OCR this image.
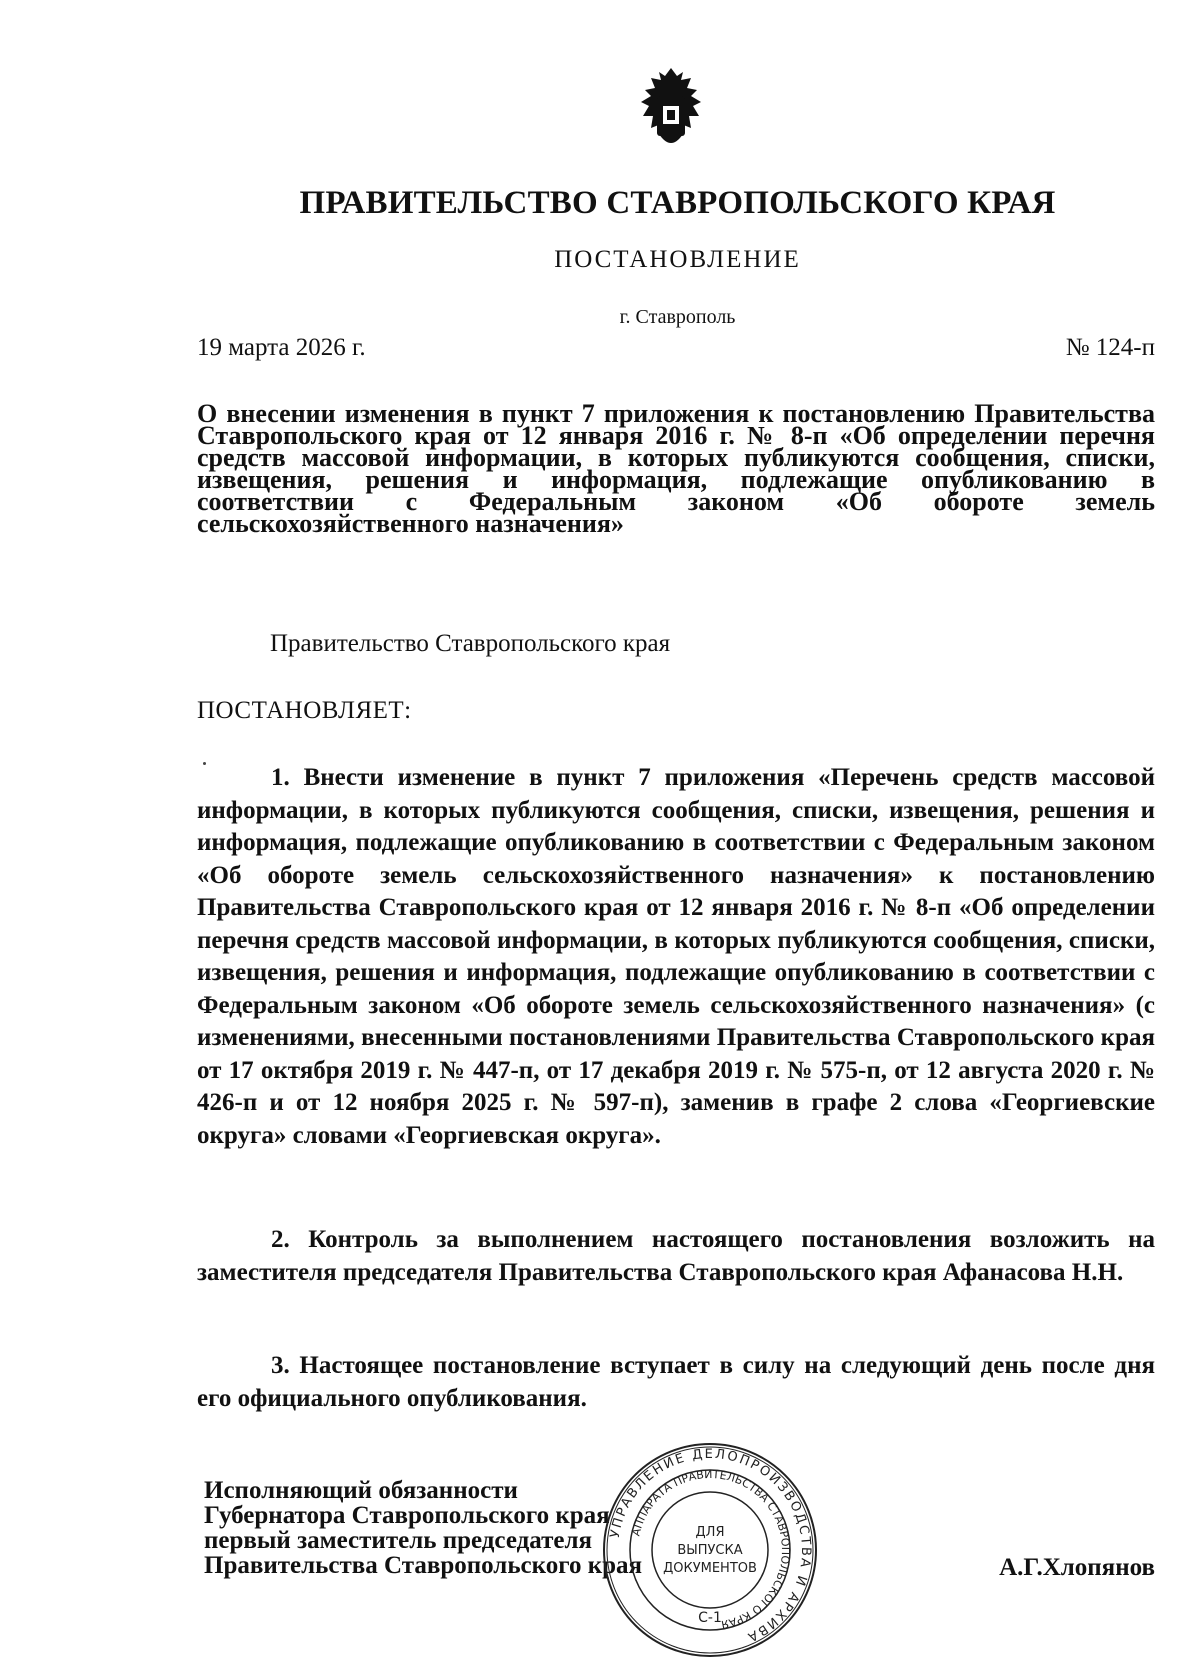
ПРАВИТЕЛЬСТВО СТАВРОПОЛЬСКОГО КРАЯ
ПОСТАНОВЛЕНИЕ
г. Ставрополь
19 марта 2026 г.	№ 124-п
О внесении изменения в пункт 7 приложения к постановлению Правительства Ставропольского края от 12 января 2016 г. № 8-п «Об определении перечня средств массовой информации, в которых публикуются сообщения, списки, извещения, решения и информация, подлежащие опубликованию в соответствии с Федеральным законом «Об обороте земель сельскохозяйственного назначения»
Правительство Ставропольского края
ПОСТАНОВЛЯЕТ:
1. Внести изменение в пункт 7 приложения «Перечень средств массовой информации, в которых публикуются сообщения, списки, извещения, решения и информация, подлежащие опубликованию в соответствии с Федеральным законом «Об обороте земель сельскохозяйственного назначения» к постановлению Правительства Ставропольского края от 12 января 2016 г. № 8-п «Об определении перечня средств массовой информации, в которых публикуются сообщения, списки, извещения, решения и информация, подлежащие опубликованию в соответствии с Федеральным законом «Об обороте земель сельскохозяйственного назначения» (с изменениями, внесенными постановлениями Правительства Ставропольского края от 17 октября 2019 г. № 447-п, от 17 декабря 2019 г. № 575-п, от 12 августа 2020 г. № 426-п и от 12 ноября 2025 г. № 597-п), заменив в графе 2 слова «Георгиевские округа» словами «Георгиевская округа».
2. Контроль за выполнением настоящего постановления возложить на заместителя председателя Правительства Ставропольского края Афанасова Н.Н.
3. Настоящее постановление вступает в силу на следующий день после дня его официального опубликования.
Исполняющий обязанности
Губернатора Ставропольского края
первый заместитель председателя
Правительства Ставропольского края	А.Г.Хлопянов
УПРАВЛЕНИЕ ДЕЛОПРОИЗВОДСТВА И АРХИВА
АППАРАТА ПРАВИТЕЛЬСТВА СТАВРОПОЛЬСКОГО КРАЯ
ДЛЯ
ВЫПУСКА
ДОКУМЕНТОВ
С-1
